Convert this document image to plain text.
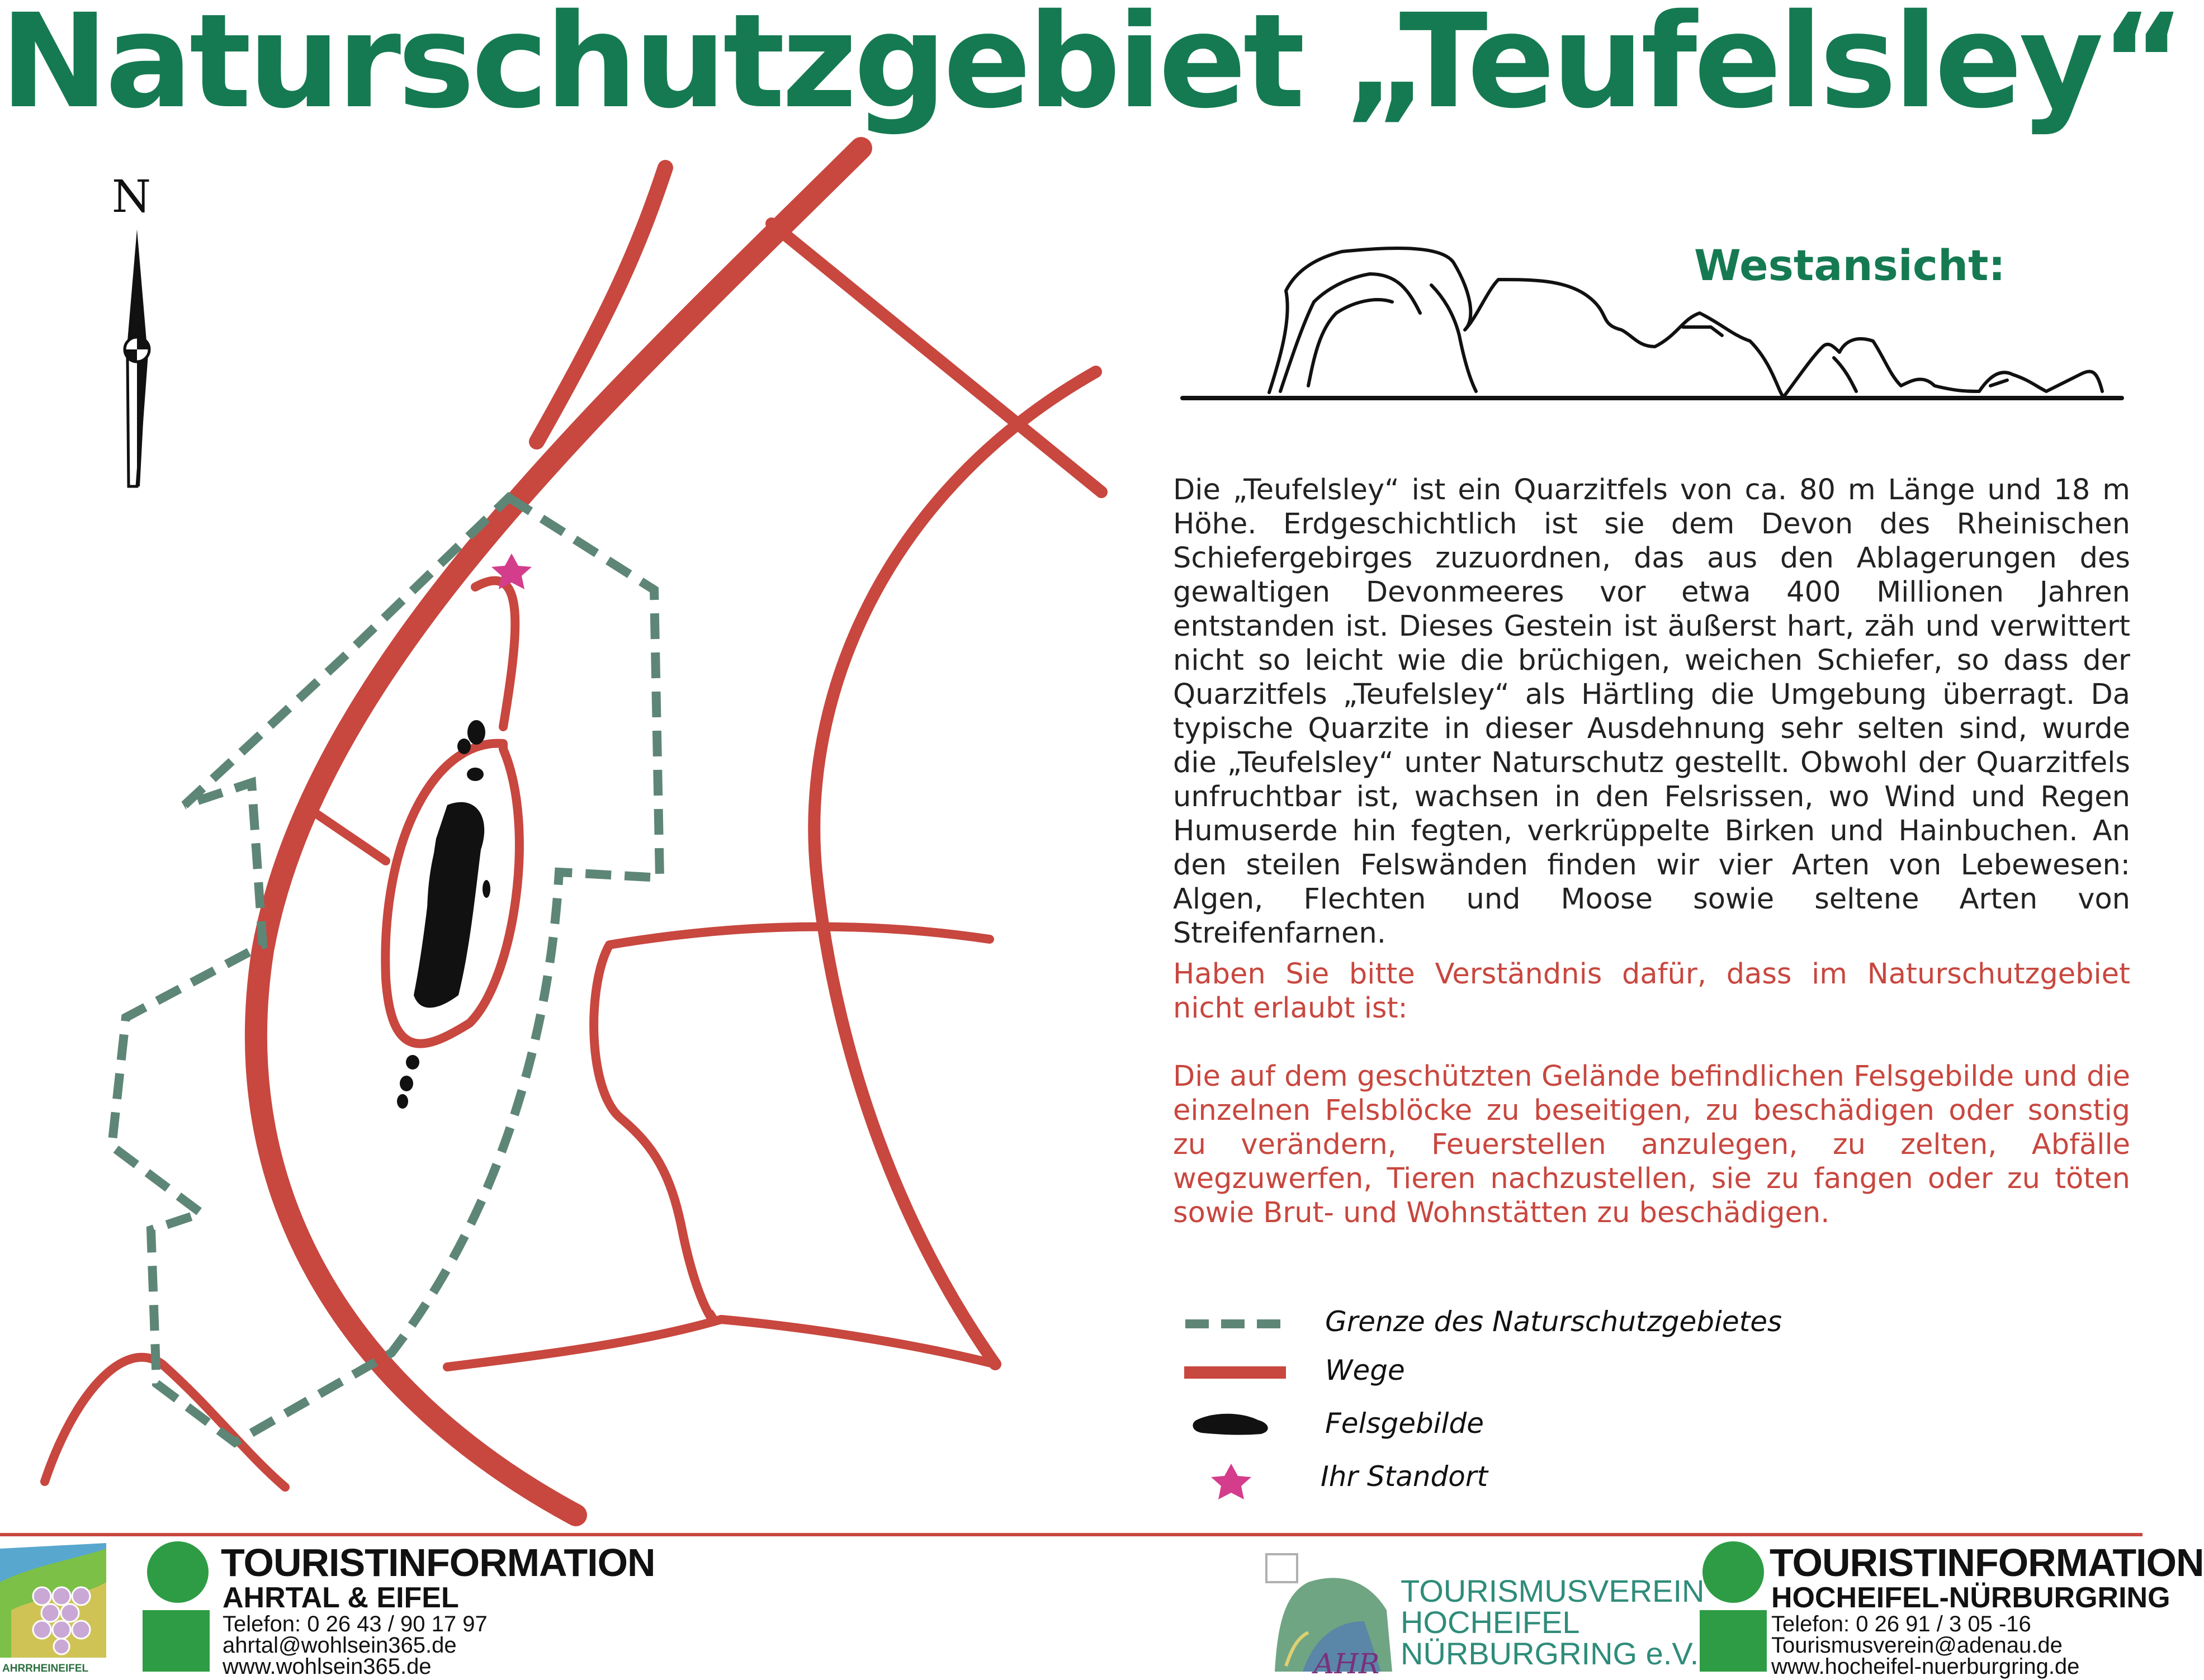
Naturschutzgebiet „Teufelsley“
N
Westansicht:

Die „Teufelsley“ ist ein Quarzitfels von ca. 80 m Länge und 18 m Höhe. Erdgeschichtlich ist sie dem Devon des Rheinischen Schiefergebirges zuzuordnen, das aus den Ablagerungen des gewaltigen Devonmeeres vor etwa 400 Millionen Jahren entstanden ist. Dieses Gestein ist äußerst hart, zäh und verwittert nicht so leicht wie die brüchigen, weichen Schiefer, so dass der Quarzitfels „Teufelsley“ als Härtling die Umgebung überragt. Da typische Quarzite in dieser Ausdehnung sehr selten sind, wurde die „Teufelsley“ unter Naturschutz gestellt. Obwohl der Quarzitfels unfruchtbar ist, wachsen in den Felsrissen, wo Wind und Regen Humuserde hin fegten, verkrüppelte Birken und Hainbuchen. An den steilen Felswänden finden wir vier Arten von Lebewesen: Algen, Flechten und Moose sowie seltene Arten von Streifenfarnen.

Haben Sie bitte Verständnis dafür, dass im Naturschutzgebiet nicht erlaubt ist:

Die auf dem geschützten Gelände befindlichen Felsgebilde und die einzelnen Felsblöcke zu beseitigen, zu beschädigen oder sonstig zu verändern, Feuerstellen anzulegen, zu zelten, Abfälle wegzuwerfen, Tieren nachzustellen, sie zu fangen oder zu töten sowie Brut- und Wohnstätten zu beschädigen.

Grenze des Naturschutzgebietes
Wege
Felsgebilde
Ihr Standort
AHRRHEINEIFEL
TOURISTINFORMATION
AHRTAL & EIFEL
Telefon: 0 26 43 / 90 17 97
ahrtal@wohlsein365.de
www.wohlsein365.de	AHR
TOURISMUSVEREIN
HOCHEIFEL
NÜRBURGRING e.V.
TOURISTINFORMATION
HOCHEIFEL-NÜRBURGRING
Telefon: 0 26 91 / 3 05 -16
Tourismusverein@adenau.de
www.hocheifel-nuerburgring.de
